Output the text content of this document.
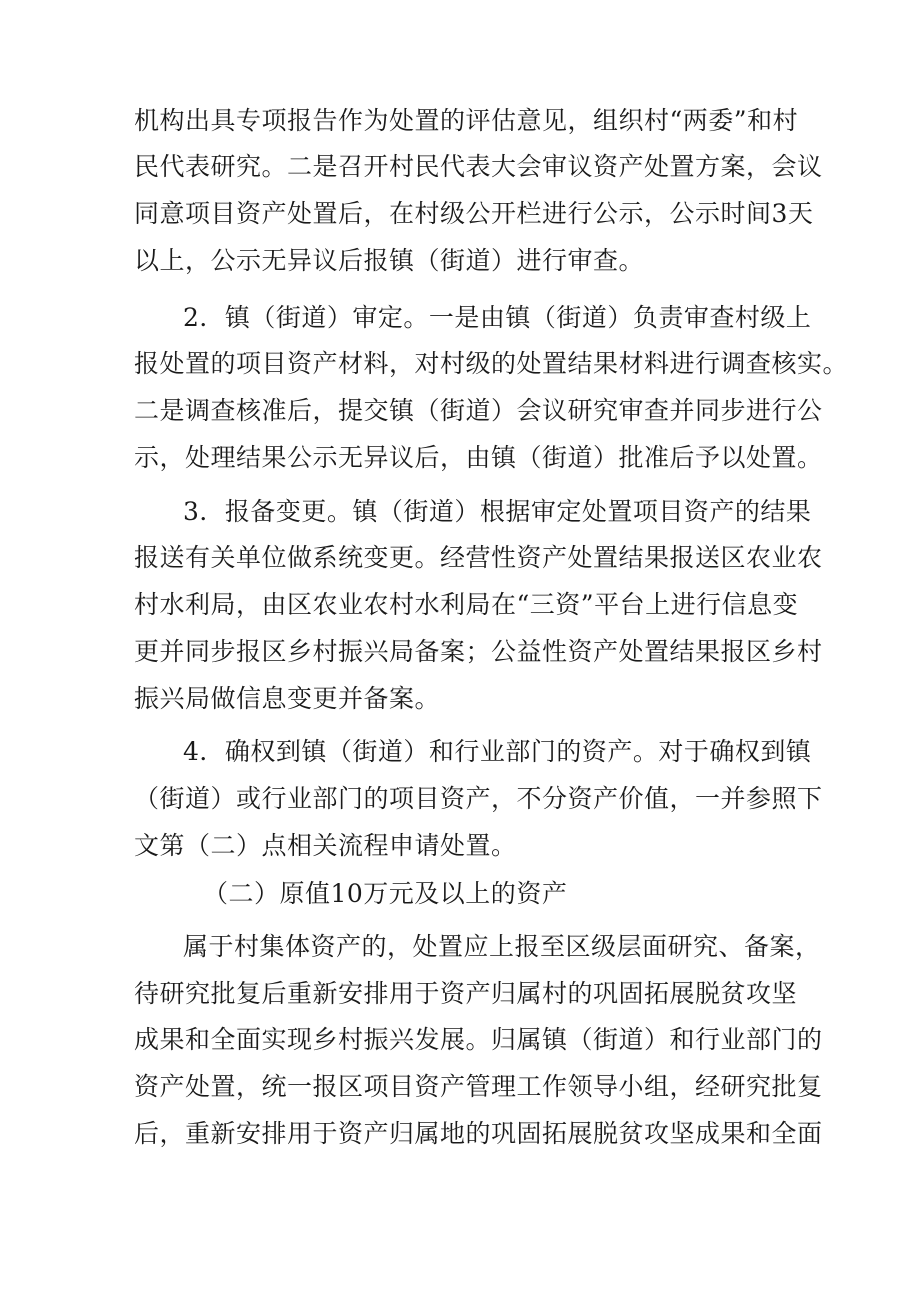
机构出具专项报告作为处置的评估意见，组织村“两委”和村
民代表研究。二是召开村民代表大会审议资产处置方案，会议
同意项目资产处置后，在村级公开栏进行公示，公示时间3天
以上，公示无异议后报镇（街道）进行审查。
2．镇（街道）审定。一是由镇（街道）负责审查村级上
报处置的项目资产材料，对村级的处置结果材料进行调查核实。
二是调查核准后，提交镇（街道）会议研究审查并同步进行公
示，处理结果公示无异议后，由镇（街道）批准后予以处置。
3．报备变更。镇（街道）根据审定处置项目资产的结果
报送有关单位做系统变更。经营性资产处置结果报送区农业农
村水利局，由区农业农村水利局在“三资”平台上进行信息变
更并同步报区乡村振兴局备案；公益性资产处置结果报区乡村
振兴局做信息变更并备案。
4．确权到镇（街道）和行业部门的资产。对于确权到镇
（街道）或行业部门的项目资产，不分资产价值，一并参照下
文第（二）点相关流程申请处置。
（二）原值10万元及以上的资产
属于村集体资产的，处置应上报至区级层面研究、备案，
待研究批复后重新安排用于资产归属村的巩固拓展脱贫攻坚
成果和全面实现乡村振兴发展。归属镇（街道）和行业部门的
资产处置，统一报区项目资产管理工作领导小组，经研究批复
后，重新安排用于资产归属地的巩固拓展脱贫攻坚成果和全面
